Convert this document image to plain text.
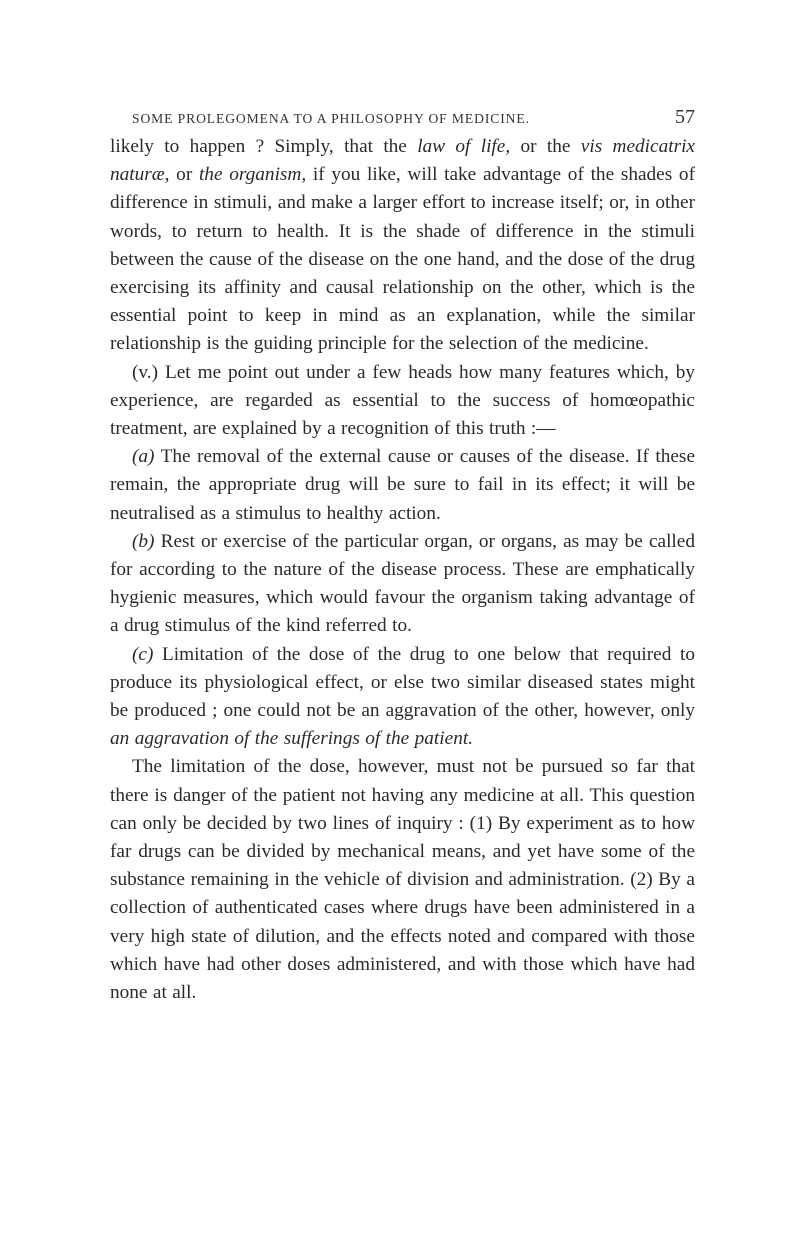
SOME PROLEGOMENA TO A PHILOSOPHY OF MEDICINE.	57

likely to happen ? Simply, that the law of life, or the vis medicatrix naturæ, or the organism, if you like, will take advantage of the shades of difference in stimuli, and make a larger effort to increase itself; or, in other words, to return to health. It is the shade of difference in the stimuli between the cause of the disease on the one hand, and the dose of the drug exercising its affinity and causal relationship on the other, which is the essential point to keep in mind as an explanation, while the similar relationship is the guiding principle for the selection of the medicine.

(v.) Let me point out under a few heads how many features which, by experience, are regarded as essential to the success of homœopathic treatment, are explained by a recognition of this truth :—

(a) The removal of the external cause or causes of the disease. If these remain, the appropriate drug will be sure to fail in its effect; it will be neutralised as a stimulus to healthy action.

(b) Rest or exercise of the particular organ, or organs, as may be called for according to the nature of the disease process. These are emphatically hygienic measures, which would favour the organism taking advantage of a drug stimulus of the kind referred to.

(c) Limitation of the dose of the drug to one below that required to produce its physiological effect, or else two similar diseased states might be produced ; one could not be an aggravation of the other, however, only an aggravation of the sufferings of the patient.

The limitation of the dose, however, must not be pursued so far that there is danger of the patient not having any medicine at all. This question can only be decided by two lines of inquiry : (1) By experiment as to how far drugs can be divided by mechanical means, and yet have some of the substance remaining in the vehicle of division and administration. (2) By a collection of authenticated cases where drugs have been administered in a very high state of dilution, and the effects noted and compared with those which have had other doses administered, and with those which have had none at all.
